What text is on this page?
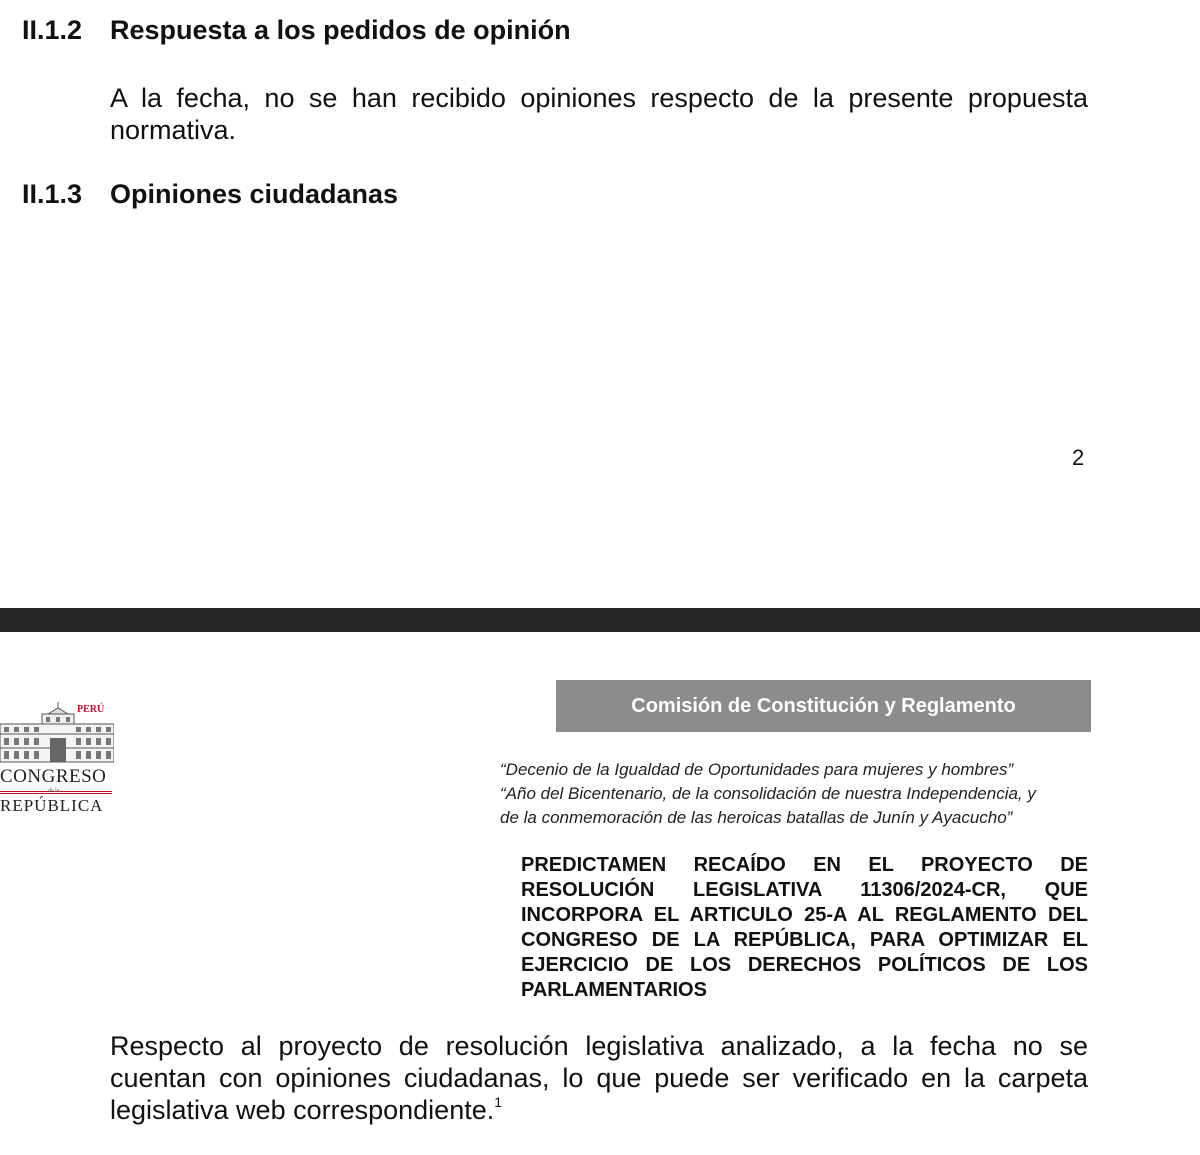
II.1.2 Respuesta a los pedidos de opinión

A la fecha, no se han recibido opiniones respecto de la presente propuesta normativa.

II.1.3 Opiniones ciudadanas
2
PERÚ
CONGRESO
de la
REPÚBLICA
Comisión de Constitución y Reglamento
“Decenio de la Igualdad de Oportunidades para mujeres y hombres”
“Año del Bicentenario, de la consolidación de nuestra Independencia, y
de la conmemoración de las heroicas batallas de Junín y Ayacucho”

PREDICTAMEN RECAÍDO EN EL PROYECTO DE RESOLUCIÓN LEGISLATIVA 11306/2024-CR, QUE INCORPORA EL ARTICULO 25-A AL REGLAMENTO DEL CONGRESO DE LA REPÚBLICA, PARA OPTIMIZAR EL EJERCICIO DE LOS DERECHOS POLÍTICOS DE LOS PARLAMENTARIOS

Respecto al proyecto de resolución legislativa analizado, a la fecha no se cuentan con opiniones ciudadanas, lo que puede ser verificado en la carpeta legislativa web correspondiente.$^1$
